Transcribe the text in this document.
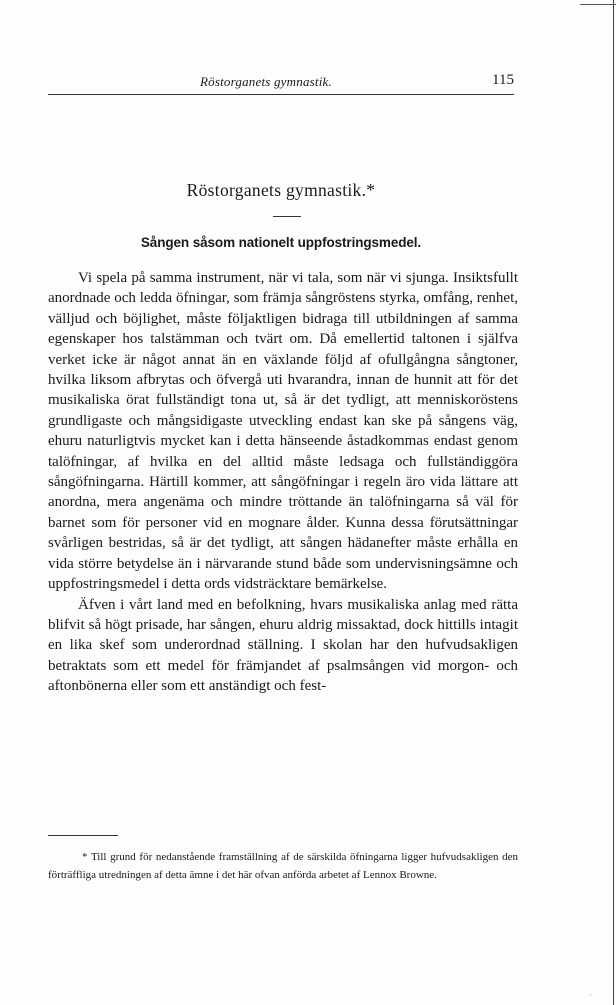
Röstorganets gymnastik.	115
Röstorganets gymnastik.*
Sången såsom nationelt uppfostringsmedel.

Vi spela på samma instrument, när vi tala, som när vi sjunga. Insiktsfullt anordnade och ledda öfningar, som främja sångröstens styrka, omfång, renhet, välljud och böjlighet, måste följaktligen bidraga till utbildningen af samma egenskaper hos talstämman och tvärt om. Då emellertid taltonen i själfva verket icke är något annat än en växlande följd af ofullgångna sångtoner, hvilka liksom afbrytas och öfvergå uti hvarandra, innan de hunnit att för det musikaliska örat fullständigt tona ut, så är det tydligt, att menniskoröstens grundligaste och mångsidigaste utveckling endast kan ske på sångens väg, ehuru naturligtvis mycket kan i detta hänseende åstadkommas endast genom talöfningar, af hvilka en del alltid måste ledsaga och fullständiggöra sångöfningarna. Härtill kommer, att sångöfningar i regeln äro vida lättare att anordna, mera angenäma och mindre tröttande än talöfningarna så väl för barnet som för personer vid en mognare ålder. Kunna dessa förutsättningar svårligen bestridas, så är det tydligt, att sången hädanefter måste erhålla en vida större betydelse än i närvarande stund både som undervisningsämne och uppfostringsmedel i detta ords vidsträcktare bemärkelse.

Äfven i vårt land med en befolkning, hvars musikaliska anlag med rätta blifvit så högt prisade, har sången, ehuru aldrig missaktad, dock hittills intagit en lika skef som underordnad ställning. I skolan har den hufvudsakligen betraktats som ett medel för främjandet af psalmsången vid morgon- och aftonbönerna eller som ett anständigt och fest-

* Till grund för nedanstående framställning af de särskilda öfningarna ligger hufvudsakligen den förträffliga utredningen af detta ämne i det här ofvan anförda arbetet af Lennox Browne.
·
